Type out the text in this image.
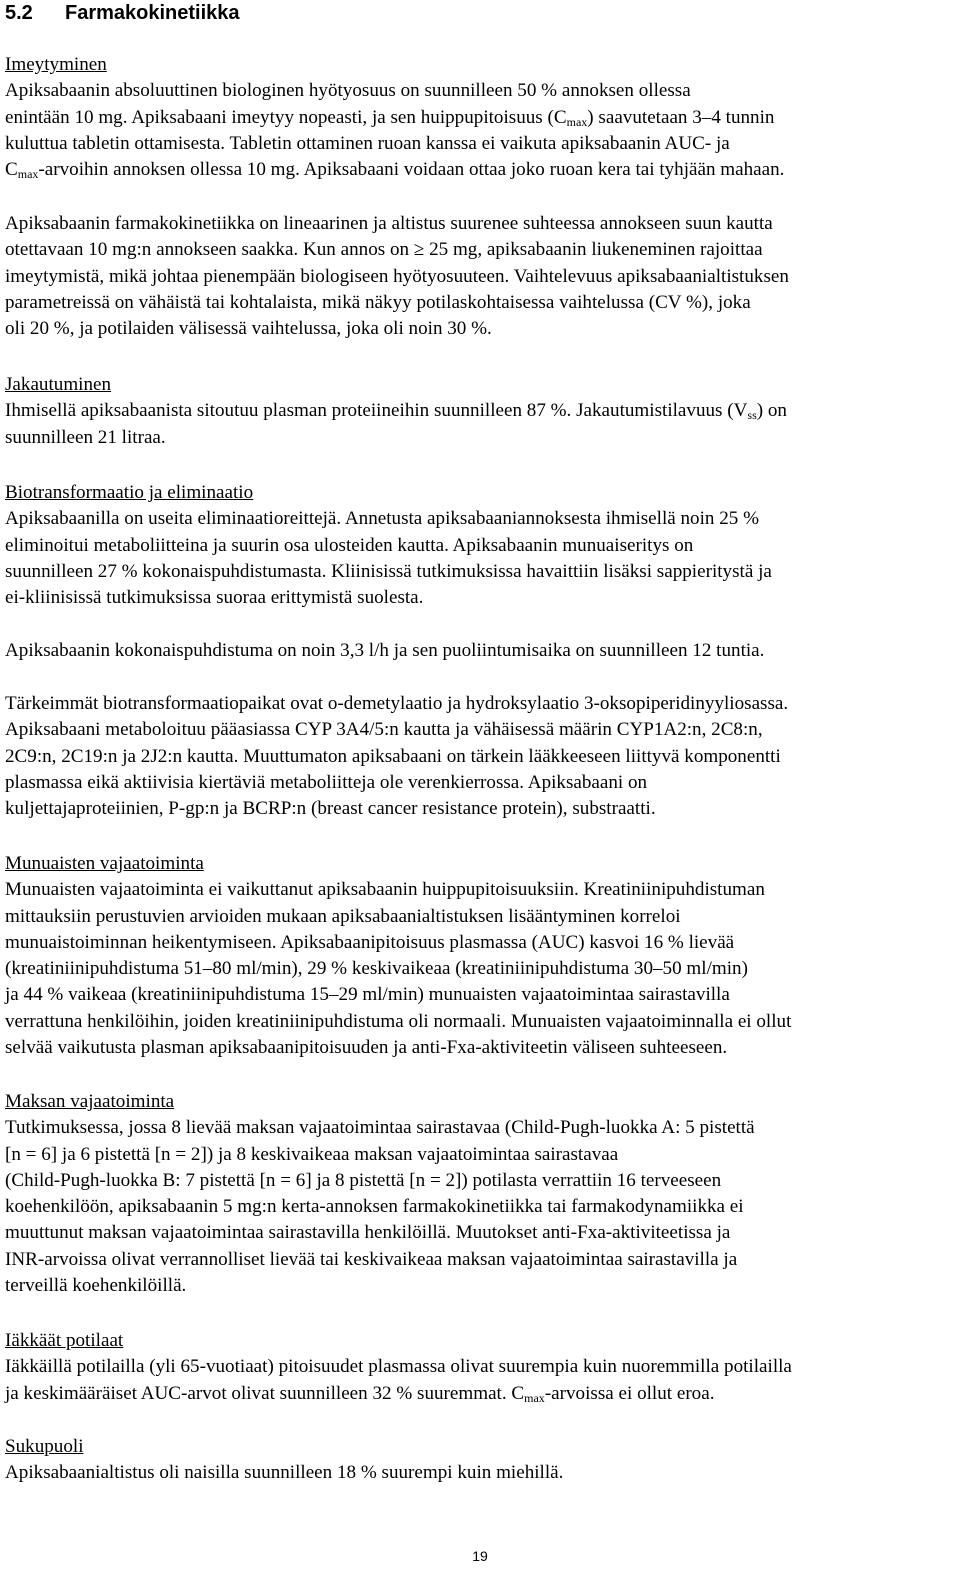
5.2 Farmakokinetiikka
Imeytyminen

Apiksabaanin absoluuttinen biologinen hyötyosuus on suunnilleen 50 % annoksen ollessa

enintään 10 mg. Apiksabaani imeytyy nopeasti, ja sen huippupitoisuus $(C_{max})$ saavutetaan 3–4 tunnin

kuluttua tabletin ottamisesta. Tabletin ottaminen ruoan kanssa ei vaikuta apiksabaanin AUC- ja

$C_{max}$-arvoihin annoksen ollessa 10 mg. Apiksabaani voidaan ottaa joko ruoan kera tai tyhjään mahaan.

Apiksabaanin farmakokinetiikka on lineaarinen ja altistus suurenee suhteessa annokseen suun kautta

otettavaan 10 mg:n annokseen saakka. Kun annos on ≥ 25 mg, apiksabaanin liukeneminen rajoittaa

imeytymistä, mikä johtaa pienempään biologiseen hyötyosuuteen. Vaihtelevuus apiksabaanialtistuksen

parametreissä on vähäistä tai kohtalaista, mikä näkyy potilaskohtaisessa vaihtelussa (CV %), joka

oli 20 %, ja potilaiden välisessä vaihtelussa, joka oli noin 30 %.

Jakautuminen

Ihmisellä apiksabaanista sitoutuu plasman proteiineihin suunnilleen 87 %. Jakautumistilavuus $(V_{ss})$ on

suunnilleen 21 litraa.

Biotransformaatio ja eliminaatio

Apiksabaanilla on useita eliminaatioreittejä. Annetusta apiksabaaniannoksesta ihmisellä noin 25 %

eliminoitui metaboliitteina ja suurin osa ulosteiden kautta. Apiksabaanin munuaiseritys on

suunnilleen 27 % kokonaispuhdistumasta. Kliinisissä tutkimuksissa havaittiin lisäksi sappieritystä ja

ei-kliinisissä tutkimuksissa suoraa erittymistä suolesta.

Apiksabaanin kokonaispuhdistuma on noin 3,3 l/h ja sen puoliintumisaika on suunnilleen 12 tuntia.

Tärkeimmät biotransformaatiopaikat ovat o-demetylaatio ja hydroksylaatio 3-oksopiperidinyyliosassa.

Apiksabaani metaboloituu pääasiassa CYP 3A4/5:n kautta ja vähäisessä määrin CYP1A2:n, 2C8:n,

2C9:n, 2C19:n ja 2J2:n kautta. Muuttumaton apiksabaani on tärkein lääkkeeseen liittyvä komponentti

plasmassa eikä aktiivisia kiertäviä metaboliitteja ole verenkierrossa. Apiksabaani on

kuljettajaproteiinien, P-gp:n ja BCRP:n (breast cancer resistance protein), substraatti.

Munuaisten vajaatoiminta

Munuaisten vajaatoiminta ei vaikuttanut apiksabaanin huippupitoisuuksiin. Kreatiniinipuhdistuman

mittauksiin perustuvien arvioiden mukaan apiksabaanialtistuksen lisääntyminen korreloi

munuaistoiminnan heikentymiseen. Apiksabaanipitoisuus plasmassa (AUC) kasvoi 16 % lievää

(kreatiniinipuhdistuma 51–80 ml/min), 29 % keskivaikeaa (kreatiniinipuhdistuma 30–50 ml/min)

ja 44 % vaikeaa (kreatiniinipuhdistuma 15–29 ml/min) munuaisten vajaatoimintaa sairastavilla

verrattuna henkilöihin, joiden kreatiniinipuhdistuma oli normaali. Munuaisten vajaatoiminnalla ei ollut

selvää vaikutusta plasman apiksabaanipitoisuuden ja anti-Fxa-aktiviteetin väliseen suhteeseen.

Maksan vajaatoiminta

Tutkimuksessa, jossa 8 lievää maksan vajaatoimintaa sairastavaa (Child-Pugh-luokka A: 5 pistettä

[n = 6] ja 6 pistettä [n = 2]) ja 8 keskivaikeaa maksan vajaatoimintaa sairastavaa

(Child-Pugh-luokka B: 7 pistettä [n = 6] ja 8 pistettä [n = 2]) potilasta verrattiin 16 terveeseen

koehenkilöön, apiksabaanin 5 mg:n kerta-annoksen farmakokinetiikka tai farmakodynamiikka ei

muuttunut maksan vajaatoimintaa sairastavilla henkilöillä. Muutokset anti-Fxa-aktiviteetissa ja

INR-arvoissa olivat verrannolliset lievää tai keskivaikeaa maksan vajaatoimintaa sairastavilla ja

terveillä koehenkilöillä.

Iäkkäät potilaat

Iäkkäillä potilailla (yli 65-vuotiaat) pitoisuudet plasmassa olivat suurempia kuin nuoremmilla potilailla

ja keskimääräiset AUC-arvot olivat suunnilleen 32 % suuremmat. $C_{max}$-arvoissa ei ollut eroa.

Sukupuoli

Apiksabaanialtistus oli naisilla suunnilleen 18 % suurempi kuin miehillä.

19
